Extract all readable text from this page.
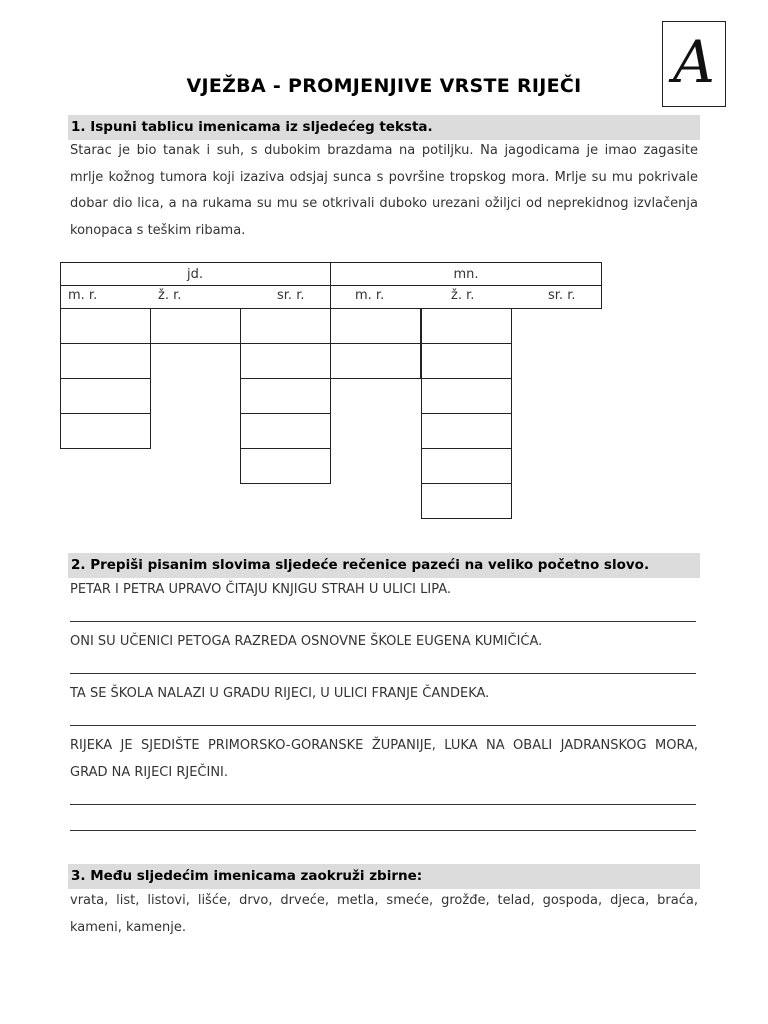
A
VJEŽBA - PROMJENJIVE VRSTE RIJEČI
1. Ispuni tablicu imenicama iz sljedećeg teksta.
Starac je bio tanak i suh, s dubokim brazdama na potiljku. Na jagodicama je imao zagasite mrlje kožnog tumora koji izaziva odsjaj sunca s površine tropskog mora. Mrlje su mu pokrivale dobar dio lica, a na rukama su mu se otkrivali duboko urezani ožiljci od neprekidnog izvlačenja konopaca s teškim ribama.
jd.	mn.
m. r.	ž. r.	sr. r.	m. r.	ž. r.	sr. r.
2. Prepiši pisanim slovima sljedeće rečenice pazeći na veliko početno slovo.
PETAR I PETRA UPRAVO ČITAJU KNJIGU STRAH U ULICI LIPA.
ONI SU UČENICI PETOGA RAZREDA OSNOVNE ŠKOLE EUGENA KUMIČIĆA.
TA SE ŠKOLA NALAZI U GRADU RIJECI, U ULICI FRANJE ČANDEKA.
RIJEKA JE SJEDIŠTE PRIMORSKO-GORANSKE ŽUPANIJE, LUKA NA OBALI JADRANSKOG MORA, GRAD NA RIJECI RJEČINI.
3. Među sljedećim imenicama zaokruži zbirne:
vrata, list, listovi, lišće, drvo, drveće, metla, smeće, grožđe, telad, gospoda, djeca, braća, kameni, kamenje.
